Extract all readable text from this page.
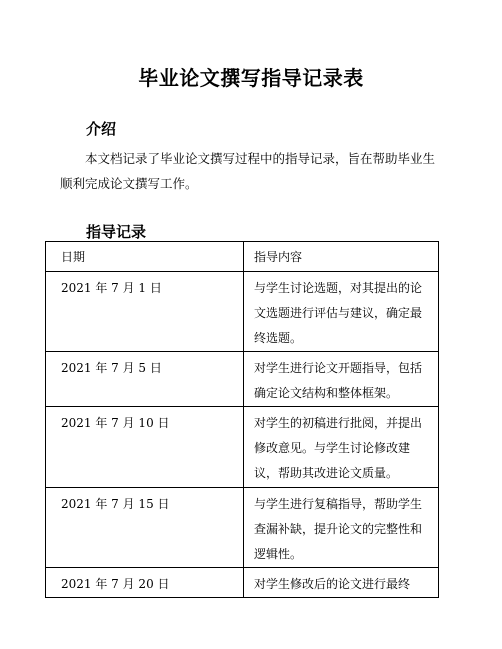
毕业论文撰写指导记录表
介绍
本文档记录了毕业论文撰写过程中的指导记录，旨在帮助毕业生顺利完成论文撰写工作。
指导记录
日期	指导内容
2021 年 7 月 1 日	与学生讨论选题，对其提出的论文选题进行评估与建议，确定最终选题。
2021 年 7 月 5 日	对学生进行论文开题指导，包括确定论文结构和整体框架。
2021 年 7 月 10 日	对学生的初稿进行批阅，并提出修改意见。与学生讨论修改建议，帮助其改进论文质量。
2021 年 7 月 15 日	与学生进行复稿指导，帮助学生查漏补缺，提升论文的完整性和逻辑性。
2021 年 7 月 20 日	对学生修改后的论文进行最终
